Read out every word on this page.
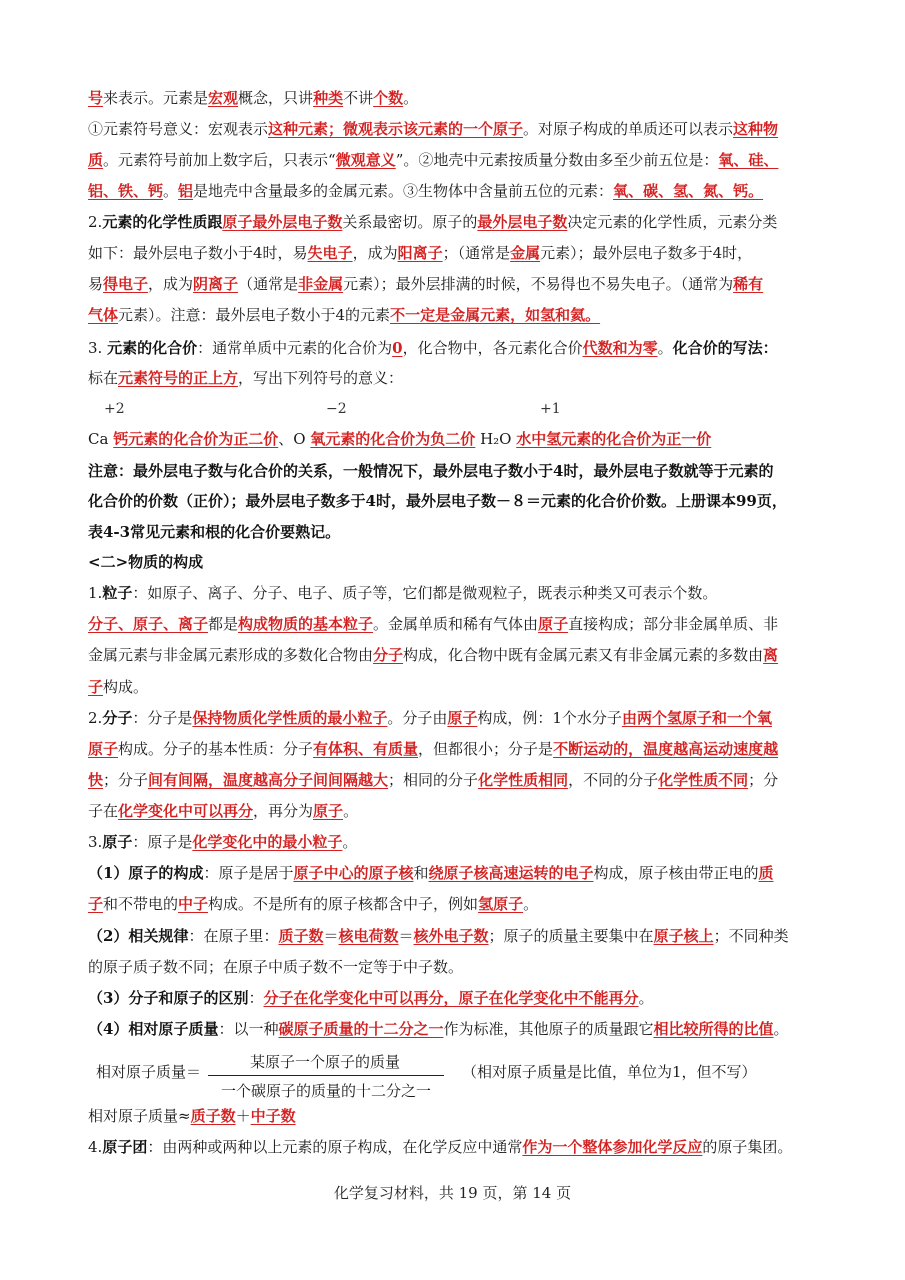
号来表示。元素是宏观概念，只讲种类不讲个数。
①元素符号意义：宏观表示这种元素；微观表示该元素的一个原子。对原子构成的单质还可以表示这种物
质。元素符号前加上数字后，只表示“微观意义”。②地壳中元素按质量分数由多至少前五位是：氧、硅、
铝、铁、钙。铝是地壳中含量最多的金属元素。③生物体中含量前五位的元素：氧、碳、氢、氮、钙。
2.元素的化学性质跟原子最外层电子数关系最密切。原子的最外层电子数决定元素的化学性质，元素分类
如下：最外层电子数小于4时，易失电子，成为阳离子；（通常是金属元素）；最外层电子数多于4时，
易得电子，成为阴离子（通常是非金属元素）；最外层排满的时候，不易得也不易失电子。（通常为稀有
气体元素）。注意：最外层电子数小于4的元素不一定是金属元素，如氢和氦。
3. 元素的化合价：通常单质中元素的化合价为0，化合物中，各元素化合价代数和为零。化合价的写法：
标在元素符号的正上方，写出下列符号的意义：
Ca 钙元素的化合价为正二价、O 氧元素的化合价为负二价 H₂O 水中氢元素的化合价为正一价
注意：最外层电子数与化合价的关系，一般情况下，最外层电子数小于4时，最外层电子数就等于元素的
化合价的价数（正价）；最外层电子数多于4时，最外层电子数－８＝元素的化合价价数。上册课本99页，
表4-3常见元素和根的化合价要熟记。
<二>物质的构成
1.粒子：如原子、离子、分子、电子、质子等，它们都是微观粒子，既表示种类又可表示个数。
分子、原子、离子都是构成物质的基本粒子。金属单质和稀有气体由原子直接构成；部分非金属单质、非
金属元素与非金属元素形成的多数化合物由分子构成，化合物中既有金属元素又有非金属元素的多数由离
子构成。
2.分子：分子是保持物质化学性质的最小粒子。分子由原子构成，例：1个水分子由两个氢原子和一个氧
原子构成。分子的基本性质：分子有体积、有质量，但都很小；分子是不断运动的，温度越高运动速度越
快；分子间有间隔，温度越高分子间间隔越大；相同的分子化学性质相同，不同的分子化学性质不同；分
子在化学变化中可以再分，再分为原子。
3.原子：原子是化学变化中的最小粒子。
（1）原子的构成：原子是居于原子中心的原子核和绕原子核高速运转的电子构成，原子核由带正电的质
子和不带电的中子构成。不是所有的原子核都含中子，例如氢原子。
（2）相关规律：在原子里：质子数＝核电荷数＝核外电子数；原子的质量主要集中在原子核上；不同种类
的原子质子数不同；在原子中质子数不一定等于中子数。
（3）分子和原子的区别：分子在化学变化中可以再分，原子在化学变化中不能再分。
（4）相对原子质量：以一种碳原子质量的十二分之一作为标准，其他原子的质量跟它相比较所得的比值。
相对原子质量≈质子数＋中子数
4.原子团：由两种或两种以上元素的原子构成，在化学反应中通常作为一个整体参加化学反应的原子集团。
+2	−2	+1
相对原子质量＝
某原子一个原子的质量
一个碳原子的质量的十二分之一
（相对原子质量是比值，单位为1，但不写）
化学复习材料，共 19 页，第 14 页
